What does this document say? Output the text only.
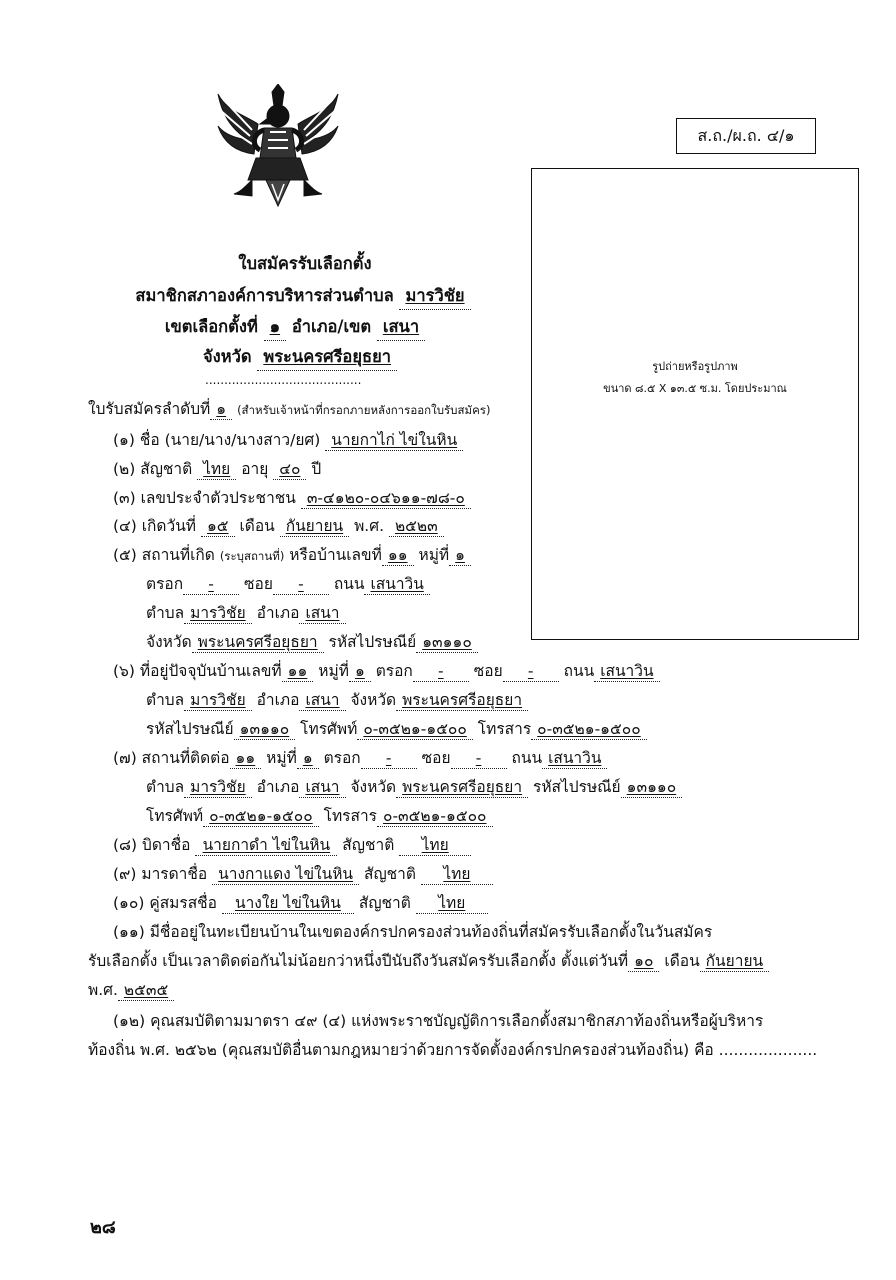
ส.ถ./ผ.ถ. ๔/๑
รูปถ่ายหรือรูปภาพ
ขนาด ๘.๕ X ๑๓.๕ ซ.ม. โดยประมาณ
ใบสมัครรับเลือกตั้ง
สมาชิกสภาองค์การบริหารส่วนตำบล มารวิชัย
เขตเลือกตั้งที่ ๑ อำเภอ/เขต เสนา
จังหวัด พระนครศรีอยุธยา
.........................................
ใบรับสมัครลำดับที่ ๑ (สำหรับเจ้าหน้าที่กรอกภายหลังการออกใบรับสมัคร)
(๑) ชื่อ (นาย/นาง/นางสาว/ยศ) นายกาไก่ ไข่ในหิน
(๒) สัญชาติ ไทย อายุ ๔๐ ปี
(๓) เลขประจำตัวประชาชน ๓-๔๑๒๐-๐๔๖๑๑-๗๘-๐
(๔) เกิดวันที่ ๑๕ เดือน กันยายน พ.ศ. ๒๕๒๓
(๕) สถานที่เกิด (ระบุสถานที่) หรือบ้านเลขที่ ๑๑ หมู่ที่ ๑
ตรอก - ซอย - ถนน เสนาวิน
ตำบล มารวิชัย อำเภอ เสนา
จังหวัด พระนครศรีอยุธยา รหัสไปรษณีย์ ๑๓๑๑๐
(๖) ที่อยู่ปัจจุบันบ้านเลขที่ ๑๑ หมู่ที่ ๑ ตรอก - ซอย - ถนน เสนาวิน
ตำบล มารวิชัย อำเภอ เสนา จังหวัด พระนครศรีอยุธยา
รหัสไปรษณีย์ ๑๓๑๑๐ โทรศัพท์ ๐-๓๕๒๑-๑๕๐๐ โทรสาร ๐-๓๕๒๑-๑๕๐๐
(๗) สถานที่ติดต่อ ๑๑ หมู่ที่ ๑ ตรอก - ซอย - ถนน เสนาวิน
ตำบล มารวิชัย อำเภอ เสนา จังหวัด พระนครศรีอยุธยา รหัสไปรษณีย์ ๑๓๑๑๐
โทรศัพท์ ๐-๓๕๒๑-๑๕๐๐ โทรสาร ๐-๓๕๒๑-๑๕๐๐
(๘) บิดาชื่อ นายกาดำ ไข่ในหิน สัญชาติ ไทย
(๙) มารดาชื่อ นางกาแดง ไข่ในหิน สัญชาติ ไทย
(๑๐) คู่สมรสชื่อ นางใย ไข่ในหิน สัญชาติ ไทย
(๑๑) มีชื่ออยู่ในทะเบียนบ้านในเขตองค์กรปกครองส่วนท้องถิ่นที่สมัครรับเลือกตั้งในวันสมัคร
รับเลือกตั้ง เป็นเวลาติดต่อกันไม่น้อยกว่าหนึ่งปีนับถึงวันสมัครรับเลือกตั้ง ตั้งแต่วันที่ ๑๐ เดือน กันยายน
พ.ศ. ๒๕๓๕
(๑๒) คุณสมบัติตามมาตรา ๔๙ (๔) แห่งพระราชบัญญัติการเลือกตั้งสมาชิกสภาท้องถิ่นหรือผู้บริหาร
ท้องถิ่น พ.ศ. ๒๕๖๒ (คุณสมบัติอื่นตามกฎหมายว่าด้วยการจัดตั้งองค์กรปกครองส่วนท้องถิ่น) คือ ....................
๒๘
